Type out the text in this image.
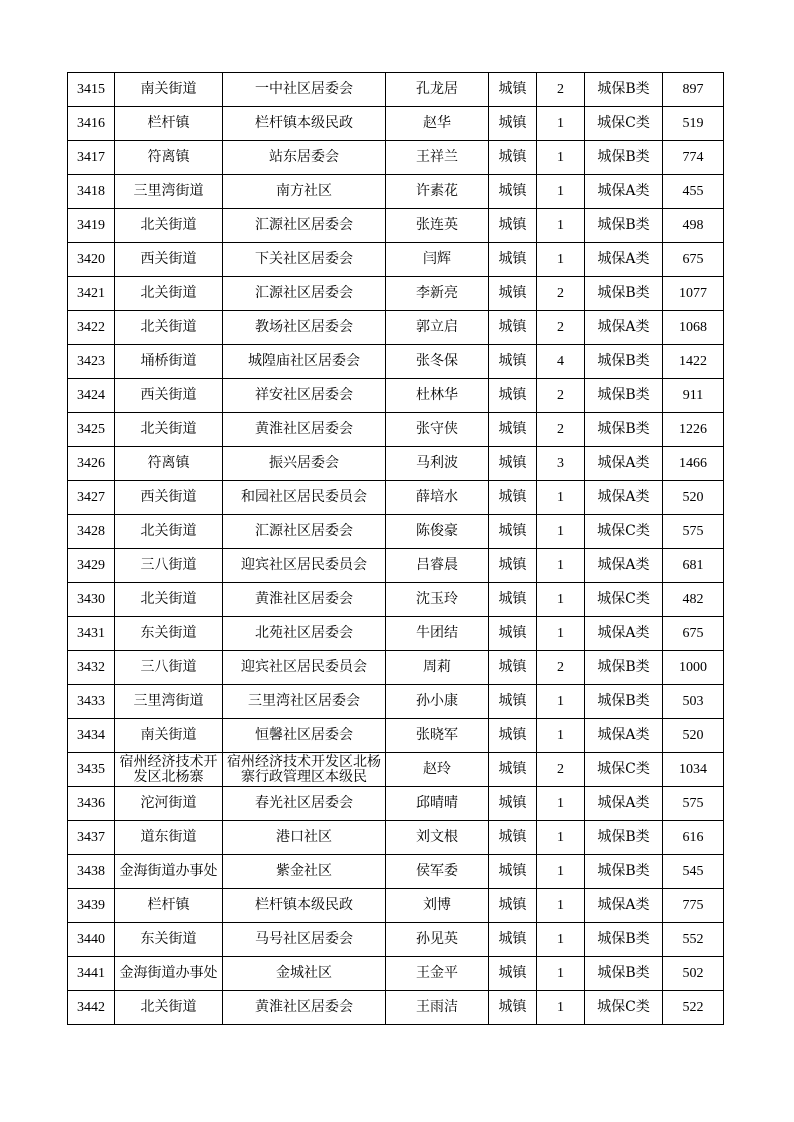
3415	南关街道	一中社区居委会	孔龙居	城镇	2	城保B类	897
3416	栏杆镇	栏杆镇本级民政	赵华	城镇	1	城保C类	519
3417	符离镇	站东居委会	王祥兰	城镇	1	城保B类	774
3418	三里湾街道	南方社区	许素花	城镇	1	城保A类	455
3419	北关街道	汇源社区居委会	张连英	城镇	1	城保B类	498
3420	西关街道	下关社区居委会	闫辉	城镇	1	城保A类	675
3421	北关街道	汇源社区居委会	李新亮	城镇	2	城保B类	1077
3422	北关街道	教场社区居委会	郭立启	城镇	2	城保A类	1068
3423	埇桥街道	城隍庙社区居委会	张冬保	城镇	4	城保B类	1422
3424	西关街道	祥安社区居委会	杜林华	城镇	2	城保B类	911
3425	北关街道	黄淮社区居委会	张守侠	城镇	2	城保B类	1226
3426	符离镇	振兴居委会	马利波	城镇	3	城保A类	1466
3427	西关街道	和园社区居民委员会	薛培水	城镇	1	城保A类	520
3428	北关街道	汇源社区居委会	陈俊豪	城镇	1	城保C类	575
3429	三八街道	迎宾社区居民委员会	吕睿晨	城镇	1	城保A类	681
3430	北关街道	黄淮社区居委会	沈玉玲	城镇	1	城保C类	482
3431	东关街道	北苑社区居委会	牛团结	城镇	1	城保A类	675
3432	三八街道	迎宾社区居民委员会	周莉	城镇	2	城保B类	1000
3433	三里湾街道	三里湾社区居委会	孙小康	城镇	1	城保B类	503
3434	南关街道	恒馨社区居委会	张晓军	城镇	1	城保A类	520
3435	宿州经济技术开发区北杨寨	宿州经济技术开发区北杨寨行政管理区本级民	赵玲	城镇	2	城保C类	1034
3436	沱河街道	春光社区居委会	邱晴晴	城镇	1	城保A类	575
3437	道东街道	港口社区	刘文根	城镇	1	城保B类	616
3438	金海街道办事处	紫金社区	侯军委	城镇	1	城保B类	545
3439	栏杆镇	栏杆镇本级民政	刘博	城镇	1	城保A类	775
3440	东关街道	马号社区居委会	孙见英	城镇	1	城保B类	552
3441	金海街道办事处	金城社区	王金平	城镇	1	城保B类	502
3442	北关街道	黄淮社区居委会	王雨洁	城镇	1	城保C类	522
